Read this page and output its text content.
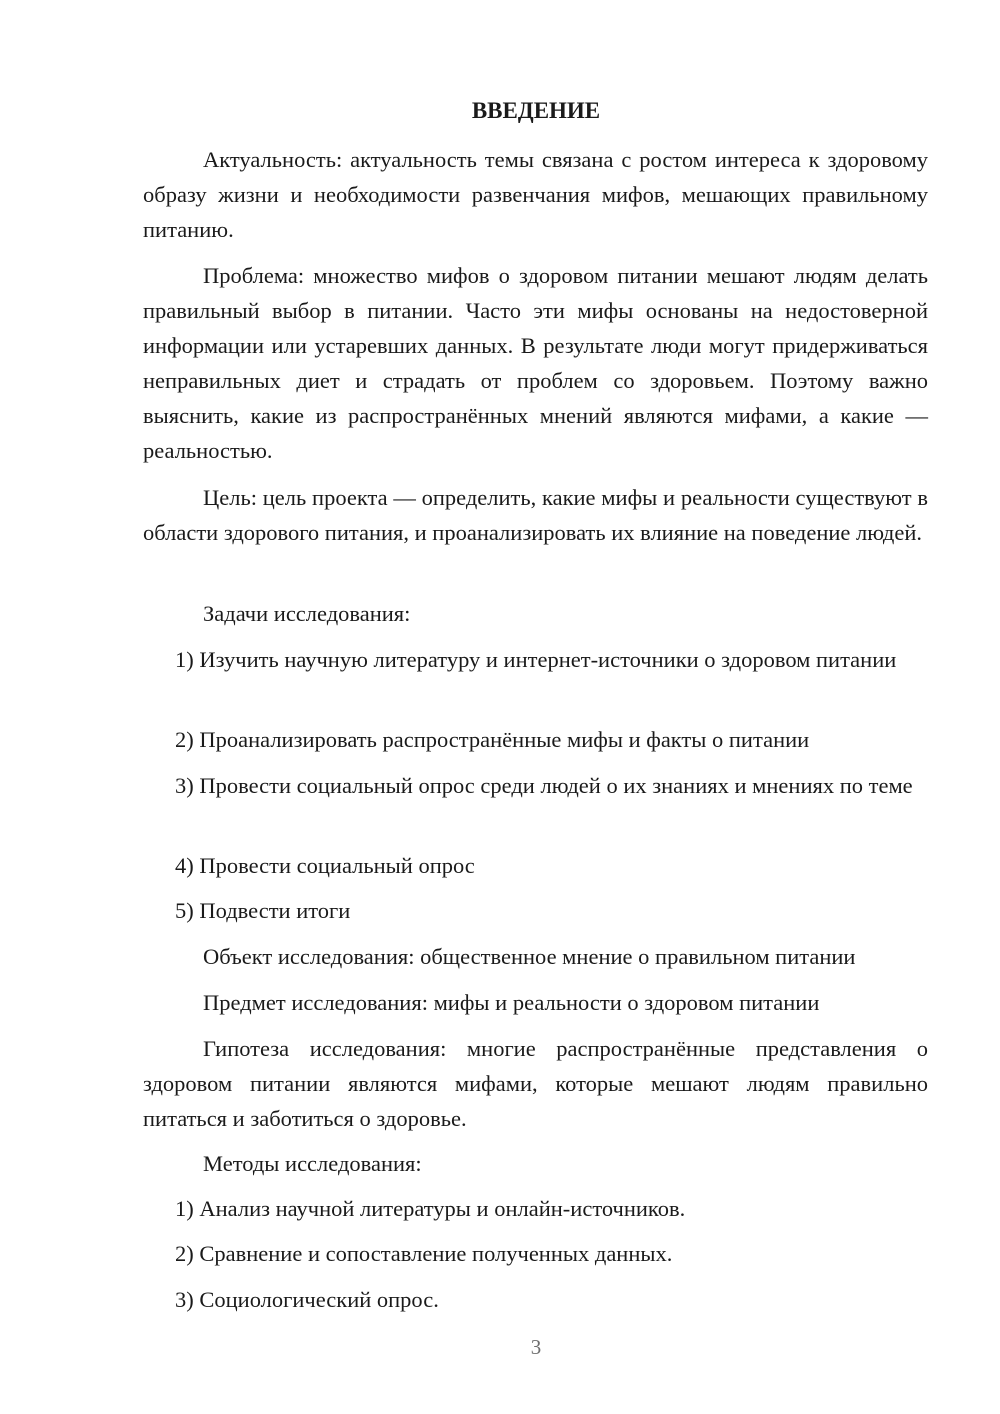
ВВЕДЕНИЕ

Актуальность: актуальность темы связана с ростом интереса к здоровому образу жизни и необходимости развенчания мифов, мешающих правильному питанию.

Проблема: множество мифов о здоровом питании мешают людям делать правильный выбор в питании. Часто эти мифы основаны на недостоверной информации или устаревших данных. В результате люди могут придерживаться неправильных диет и страдать от проблем со здоровьем. Поэтому важно выяснить, какие из распространённых мнений являются мифами, а какие — реальностью.

Цель: цель проекта — определить, какие мифы и реальности существуют в области здорового питания, и проанализировать их влияние на поведение людей.

Задачи исследования:

1) Изучить научную литературу и интернет-источники о здоровом питании

2) Проанализировать распространённые мифы и факты о питании

3) Провести социальный опрос среди людей о их знаниях и мнениях по теме

4) Провести социальный опрос

5) Подвести итоги

Объект исследования: общественное мнение о правильном питании

Предмет исследования: мифы и реальности о здоровом питании

Гипотеза исследования: многие распространённые представления о здоровом питании являются мифами, которые мешают людям правильно питаться и заботиться о здоровье.

Методы исследования:

1) Анализ научной литературы и онлайн-источников.

2) Сравнение и сопоставление полученных данных.

3) Социологический опрос.

3
